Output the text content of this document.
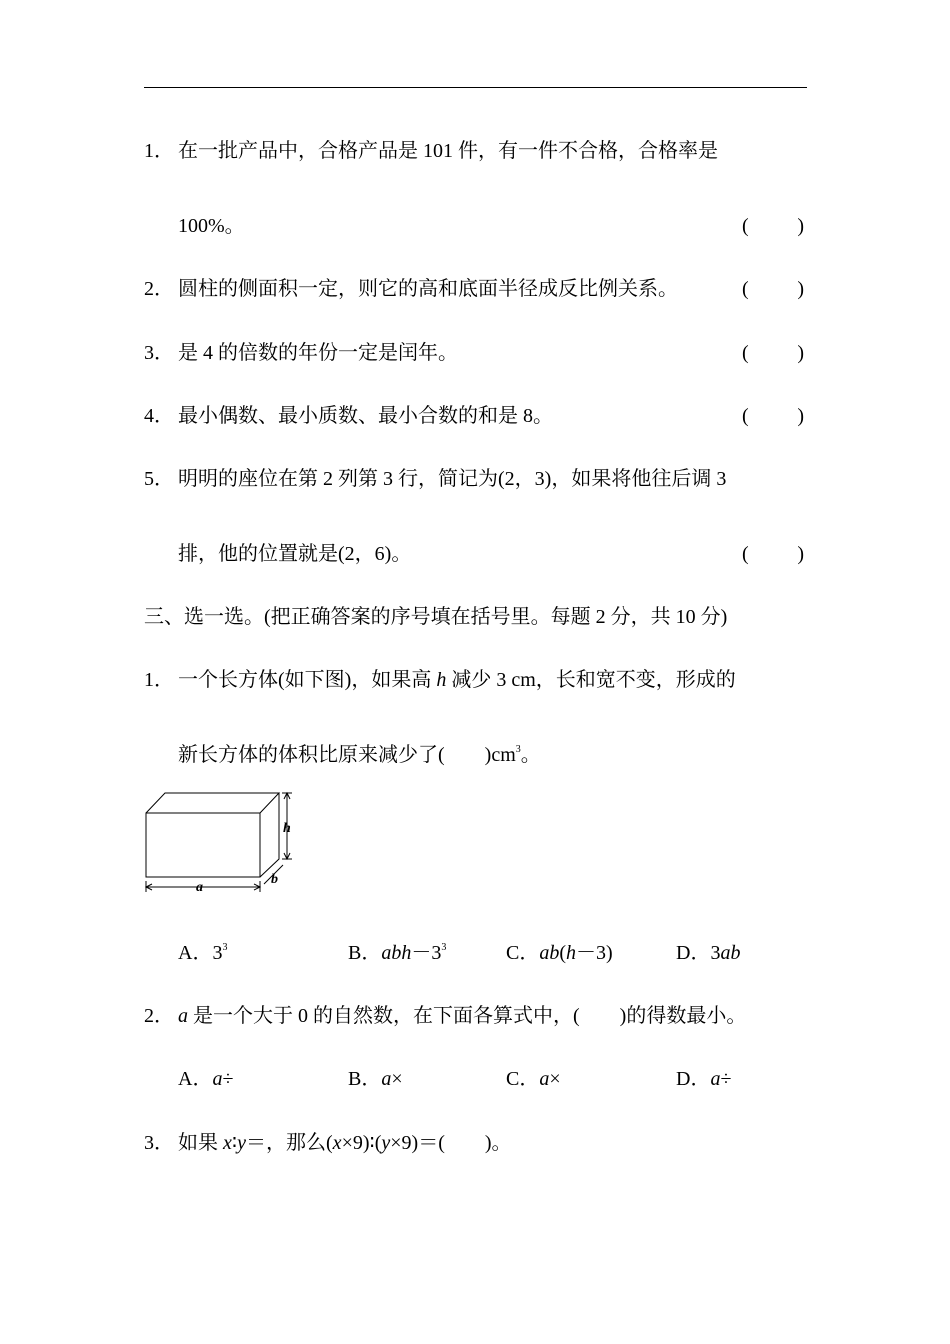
1． 在一批产品中，合格产品是 101 件，有一件不合格，合格率是
100%。	( )
2． 圆柱的侧面积一定，则它的高和底面半径成反比例关系。	( )
3． 是 4 的倍数的年份一定是闰年。	( )
4． 最小偶数、最小质数、最小合数的和是 8。	( )
5． 明明的座位在第 2 列第 3 行，简记为(2，3)，如果将他往后调 3
排，他的位置就是(2，6)。	( )
三、选一选。(把正确答案的序号填在括号里。每题 2 分，共 10 分)
1． 一个长方体(如下图)，如果高 h 减少 3 cm，长和宽不变，形成的
新长方体的体积比原来减少了(　　)$cm^3$。
h
b
a
A．$3^3$	B．$abh-3^3$	C．ab(h－3)	D．3ab
2． a 是一个大于 0 的自然数，在下面各算式中，(　　)的得数最小。
A．a÷	B．a×	C．a×	D．a÷
3． 如果 x∶y＝，那么(x×9)∶(y×9)＝(　　)。
